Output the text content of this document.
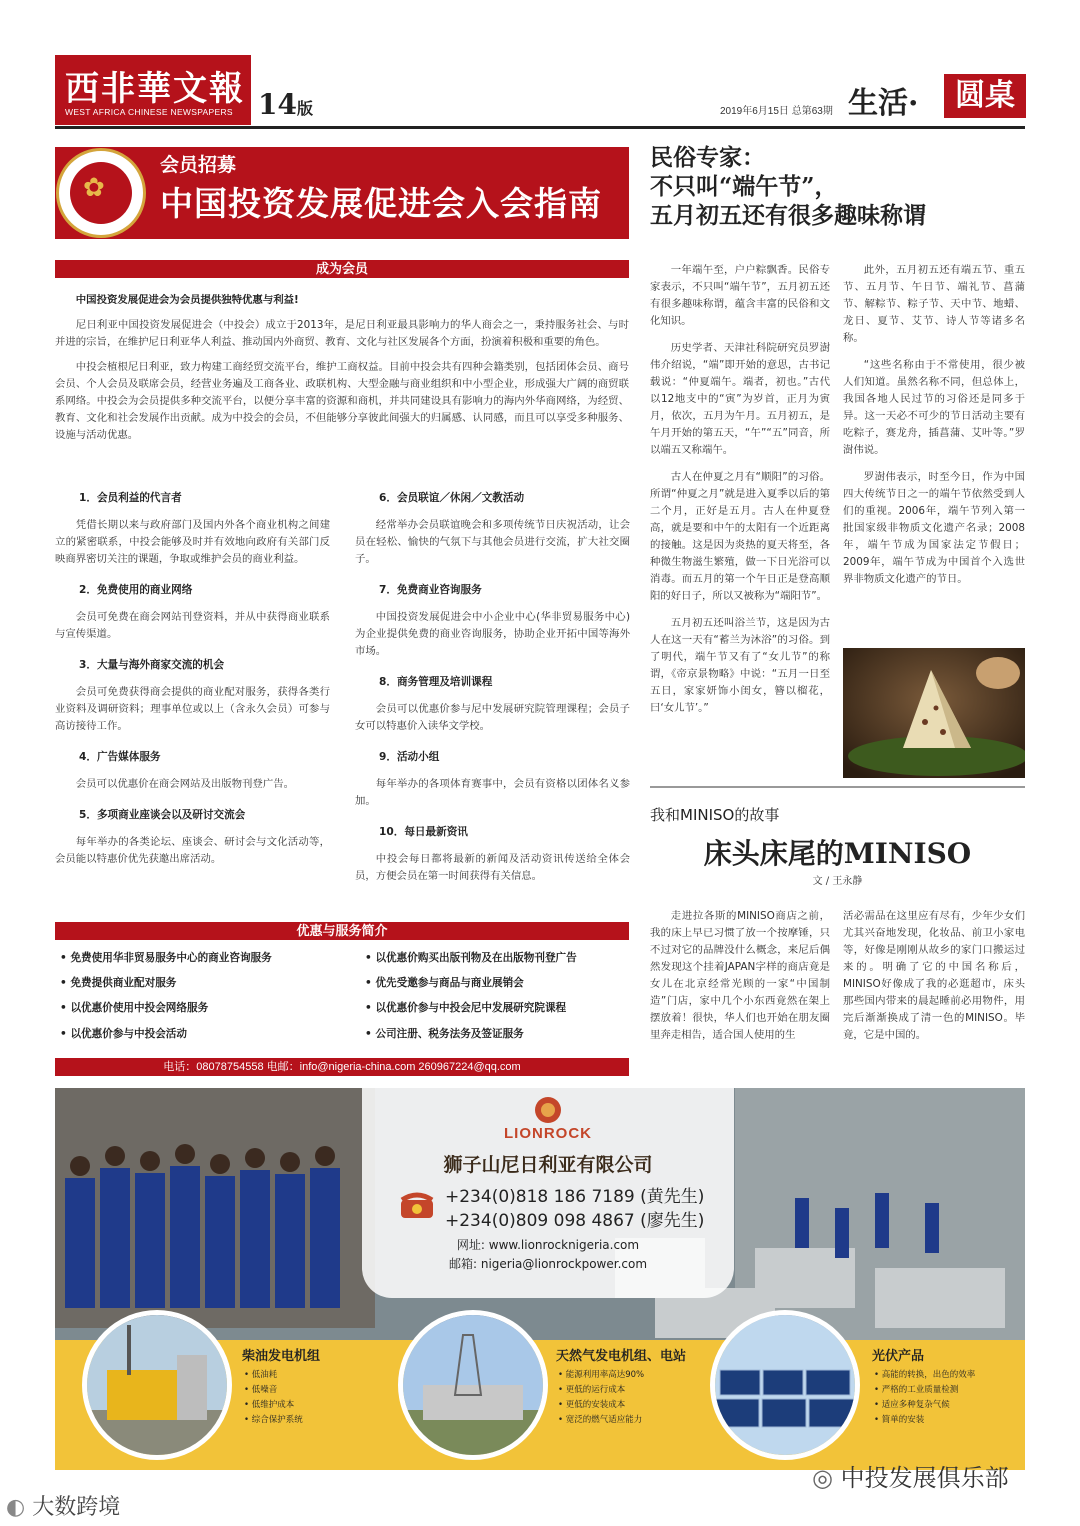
西非華文報
WEST AFRICA CHINESE NEWSPAPERS 14版	2019年6月15日 总第63期 生活·	圆桌
✿
会员招募
中国投资发展促进会入会指南
成为会员

中国投资发展促进会为会员提供独特优惠与利益!

尼日利亚中国投资发展促进会（中投会）成立于2013年，是尼日利亚最具影响力的华人商会之一，秉持服务社会、与时并进的宗旨，在维护尼日利亚华人利益、推动国内外商贸、教育、文化与社区发展各个方面，扮演着积极和重要的角色。

中投会植根尼日利亚，致力构建工商经贸交流平台，维护工商权益。目前中投会共有四种会籍类别，包括团体会员、商号会员、个人会员及联席会员，经营业务遍及工商各业、政联机构、大型金融与商业组织和中小型企业，形成强大广阔的商贸联系网络。中投会为会员提供多种交流平台，以便分享丰富的资源和商机，并共同建设具有影响力的海内外华商网络，为经贸、教育、文化和社会发展作出贡献。成为中投会的会员，不但能够分享彼此间强大的归属感、认同感，而且可以享受多种服务、设施与活动优惠。

1．会员利益的代言者

凭借长期以来与政府部门及国内外各个商业机构之间建立的紧密联系，中投会能够及时并有效地向政府有关部门反映商界密切关注的课题，争取或维护会员的商业利益。

2．免费使用的商业网络

会员可免费在商会网站刊登资料，并从中获得商业联系与宣传渠道。

3．大量与海外商家交流的机会

会员可免费获得商会提供的商业配对服务，获得各类行业资料及调研资料；理事单位或以上（含永久会员）可参与高访接待工作。

4．广告媒体服务

会员可以优惠价在商会网站及出版物刊登广告。

5．多项商业座谈会以及研讨交流会

每年举办的各类论坛、座谈会、研讨会与文化活动等，会员能以特惠价优先获邀出席活动。

6．会员联谊／休闲／文教活动

经常举办会员联谊晚会和多项传统节日庆祝活动，让会员在轻松、愉快的气氛下与其他会员进行交流，扩大社交圈子。

7．免费商业咨询服务

中国投资发展促进会中小企业中心(华非贸易服务中心)为企业提供免费的商业咨询服务，协助企业开拓中国等海外市场。

8．商务管理及培训课程

会员可以优惠价参与尼中发展研究院管理课程；会员子女可以特惠价入读华文学校。

9．活动小组

每年举办的各项体育赛事中，会员有资格以团体名义参加。

10．每日最新资讯

中投会每日都将最新的新闻及活动资讯传送给全体会员，方便会员在第一时间获得有关信息。

优惠与服务简介
• 免费使用华非贸易服务中心的商业咨询服务	• 以优惠价购买出版刊物及在出版物刊登广告
• 免费提供商业配对服务	• 优先受邀参与商品与商业展销会
• 以优惠价使用中投会网络服务	• 以优惠价参与中投会尼中发展研究院课程
• 以优惠价参与中投会活动	• 公司注册、税务法务及签证服务
电话：08078754558 电邮：info@nigeria-china.com 260967224@qq.com
民俗专家：
不只叫“端午节”，
五月初五还有很多趣味称谓

一年端午至，户户粽飘香。民俗专家表示，不只叫“端午节”，五月初五还有很多趣味称谓，蕴含丰富的民俗和文化知识。

历史学者、天津社科院研究员罗澍伟介绍说，“端”即开始的意思，古书记载说：“仲夏端午。端者，初也。”古代以12地支中的“寅”为岁首，正月为寅月，依次，五月为午月。五月初五，是午月开始的第五天，“午”“五”同音，所以端五又称端午。

古人在仲夏之月有“顺阳”的习俗。所谓“仲夏之月”就是进入夏季以后的第二个月，正好是五月。古人在仲夏登高，就是要和中午的太阳有一个近距离的接触。这是因为炎热的夏天将至，各种微生物滋生繁殖，做一下日光浴可以消毒。而五月的第一个午日正是登高顺阳的好日子，所以又被称为“端阳节”。

五月初五还叫浴兰节，这是因为古人在这一天有“蓄兰为沐浴”的习俗。到了明代，端午节又有了“女儿节”的称谓，《帝京景物略》中说：“五月一日至五日，家家妍饰小闺女，簪以榴花，曰‘女儿节’。”

此外，五月初五还有端五节、重五节、五月节、午日节、端礼节、菖蒲节、解粽节、粽子节、天中节、地蜡、龙日、夏节、艾节、诗人节等诸多名称。

“这些名称由于不常使用，很少被人们知道。虽然名称不同，但总体上，我国各地人民过节的习俗还是同多于异。这一天必不可少的节日活动主要有吃粽子，赛龙舟，插菖蒲、艾叶等。”罗澍伟说。

罗澍伟表示，时至今日，作为中国四大传统节日之一的端午节依然受到人们的重视。2006年，端午节列入第一批国家级非物质文化遗产名录；2008年，端午节成为国家法定节假日；2009年，端午节成为中国首个入选世界非物质文化遗产的节日。

我和MINISO的故事
床头床尾的MINISO
文 / 王永静

走进拉各斯的MINISO商店之前，我的床上早已习惯了放一个按摩锤，只不过对它的品牌没什么概念，来尼后偶然发现这个挂着JAPAN字样的商店竟是女儿在北京经常光顾的一家“中国制造”门店，家中几个小东西竟然在架上摆放着！很快，华人们也开始在朋友圈里奔走相告，适合国人使用的生

活必需品在这里应有尽有，少年少女们尤其兴奋地发现，化妆品、前卫小家电等，好像是刚刚从故乡的家门口搬运过来的。明确了它的中国名称后，MINISO好像成了我的必逛超市，床头那些国内带来的晨起睡前必用物件，用完后渐渐换成了清一色的MINISO。毕竟，它是中国的。

LIONROCK
狮子山尼日利亚有限公司
+234(0)818 186 7189 (黄先生)
+234(0)809 098 4867 (廖先生)
网址: www.lionrocknigeria.com
邮箱: nigeria@lionrockpower.com
柴油发电机组
• 低油耗
• 低噪音
• 低维护成本
• 综合保护系统
天然气发电机组、电站
• 能源利用率高达90%
• 更低的运行成本
• 更低的安装成本
• 宽泛的燃气适应能力
光伏产品
• 高能的转换，出色的效率
• 严格的工业质量检测
• 适应多种复杂气候
• 简单的安装
◐ 大数跨境
◎ 中投发展俱乐部
